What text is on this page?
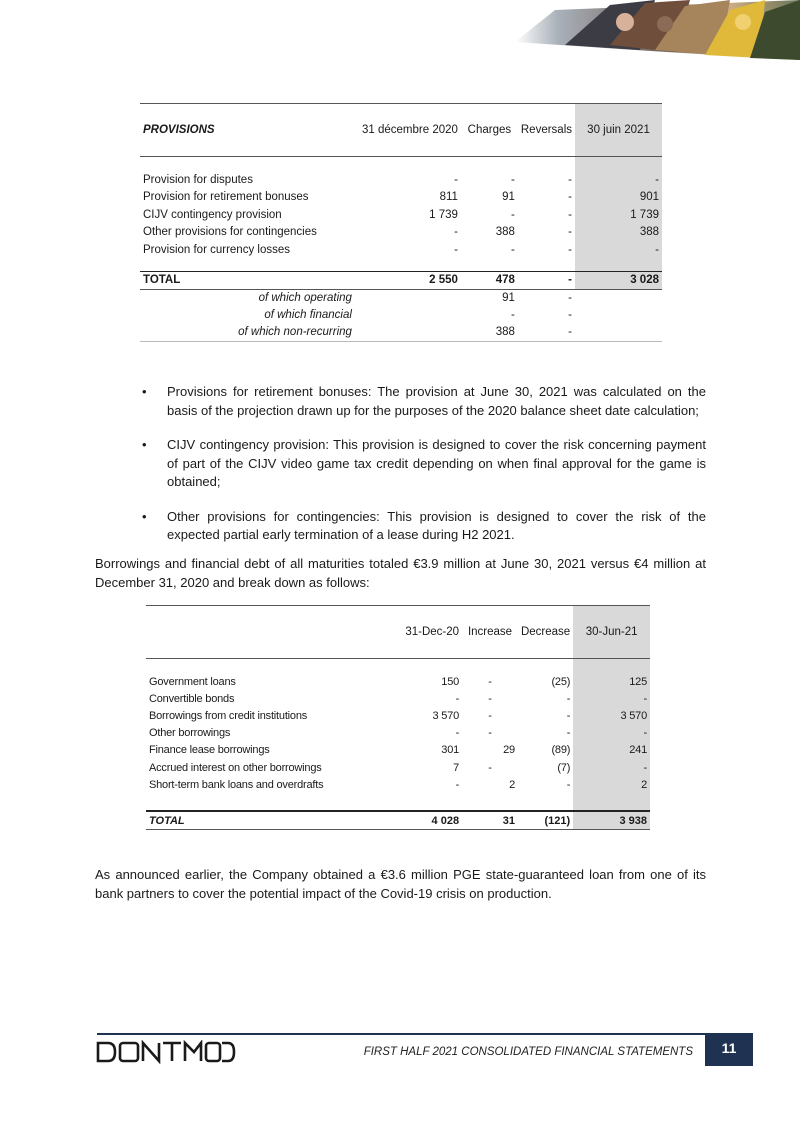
PROVISIONS	31 décembre 2020	Charges	Reversals	30 juin 2021

Provision for disputes	-	-	-	-
Provision for retirement bonuses	811	91	-	901
CIJV contingency provision	1 739	-	-	1 739
Other provisions for contingencies	-	388	-	388
Provision for currency losses	-	-	-	-

TOTAL	2 550	478	-	3 028
of which operating		91	-	
of which financial		-	-	
of which non-recurring		388	-	
• Provisions for retirement bonuses: The provision at June 30, 2021 was calculated on the basis of the projection drawn up for the purposes of the 2020 balance sheet date calculation;
• CIJV contingency provision: This provision is designed to cover the risk concerning payment of part of the CIJV video game tax credit depending on when final approval for the game is obtained;
• Other provisions for contingencies: This provision is designed to cover the risk of the expected partial early termination of a lease during H2 2021.

Borrowings and financial debt of all maturities totaled €3.9 million at June 30, 2021 versus €4 million at December 31, 2020 and break down as follows:

	31-Dec-20	Increase	Decrease	30-Jun-21

Government loans	150	-	(25)	125
Convertible bonds	-	-	-	-
Borrowings from credit institutions	3 570	-	-	3 570
Other borrowings	-	-	-	-
Finance lease borrowings	301	29	(89)	241
Accrued interest on other borrowings	7	-	(7)	-
Short-term bank loans and overdrafts	-	2	-	2

TOTAL	4 028	31	(121)	3 938

As announced earlier, the Company obtained a €3.6 million PGE state-guaranteed loan from one of its bank partners to cover the potential impact of the Covid-19 crisis on production.

FIRST HALF 2021 CONSOLIDATED FINANCIAL STATEMENTS	11
